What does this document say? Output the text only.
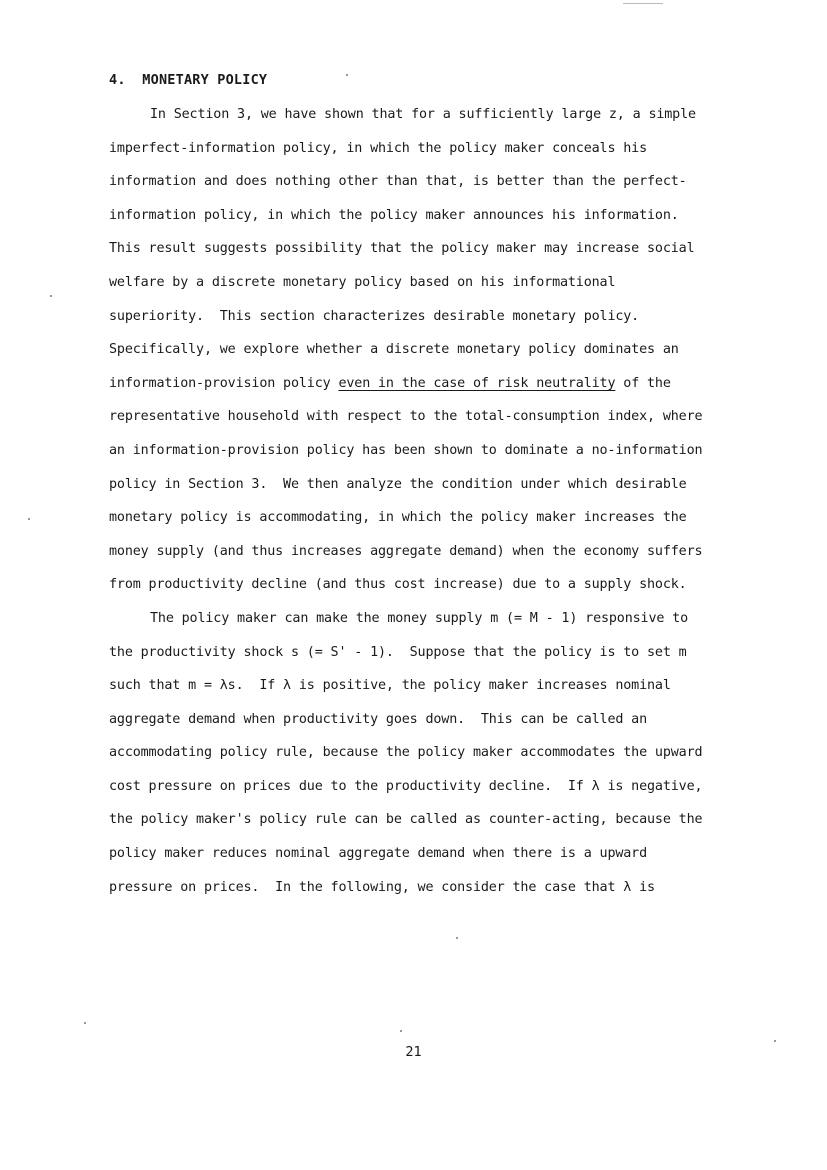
4.  MONETARY POLICY
In Section 3, we have shown that for a sufficiently large z, a simple
imperfect-information policy, in which the policy maker conceals his
information and does nothing other than that, is better than the perfect-
information policy, in which the policy maker announces his information.
This result suggests possibility that the policy maker may increase social
welfare by a discrete monetary policy based on his informational
superiority.  This section characterizes desirable monetary policy.
Specifically, we explore whether a discrete monetary policy dominates an
information-provision policy even in the case of risk neutrality of the
representative household with respect to the total-consumption index, where
an information-provision policy has been shown to dominate a no-information
policy in Section 3.  We then analyze the condition under which desirable
monetary policy is accommodating, in which the policy maker increases the
money supply (and thus increases aggregate demand) when the economy suffers
from productivity decline (and thus cost increase) due to a supply shock.
The policy maker can make the money supply m (= M - 1) responsive to
the productivity shock s (= S' - 1).  Suppose that the policy is to set m
such that m = λs.  If λ is positive, the policy maker increases nominal
aggregate demand when productivity goes down.  This can be called an
accommodating policy rule, because the policy maker accommodates the upward
cost pressure on prices due to the productivity decline.  If λ is negative,
the policy maker's policy rule can be called as counter-acting, because the
policy maker reduces nominal aggregate demand when there is a upward
pressure on prices.  In the following, we consider the case that λ is
21
